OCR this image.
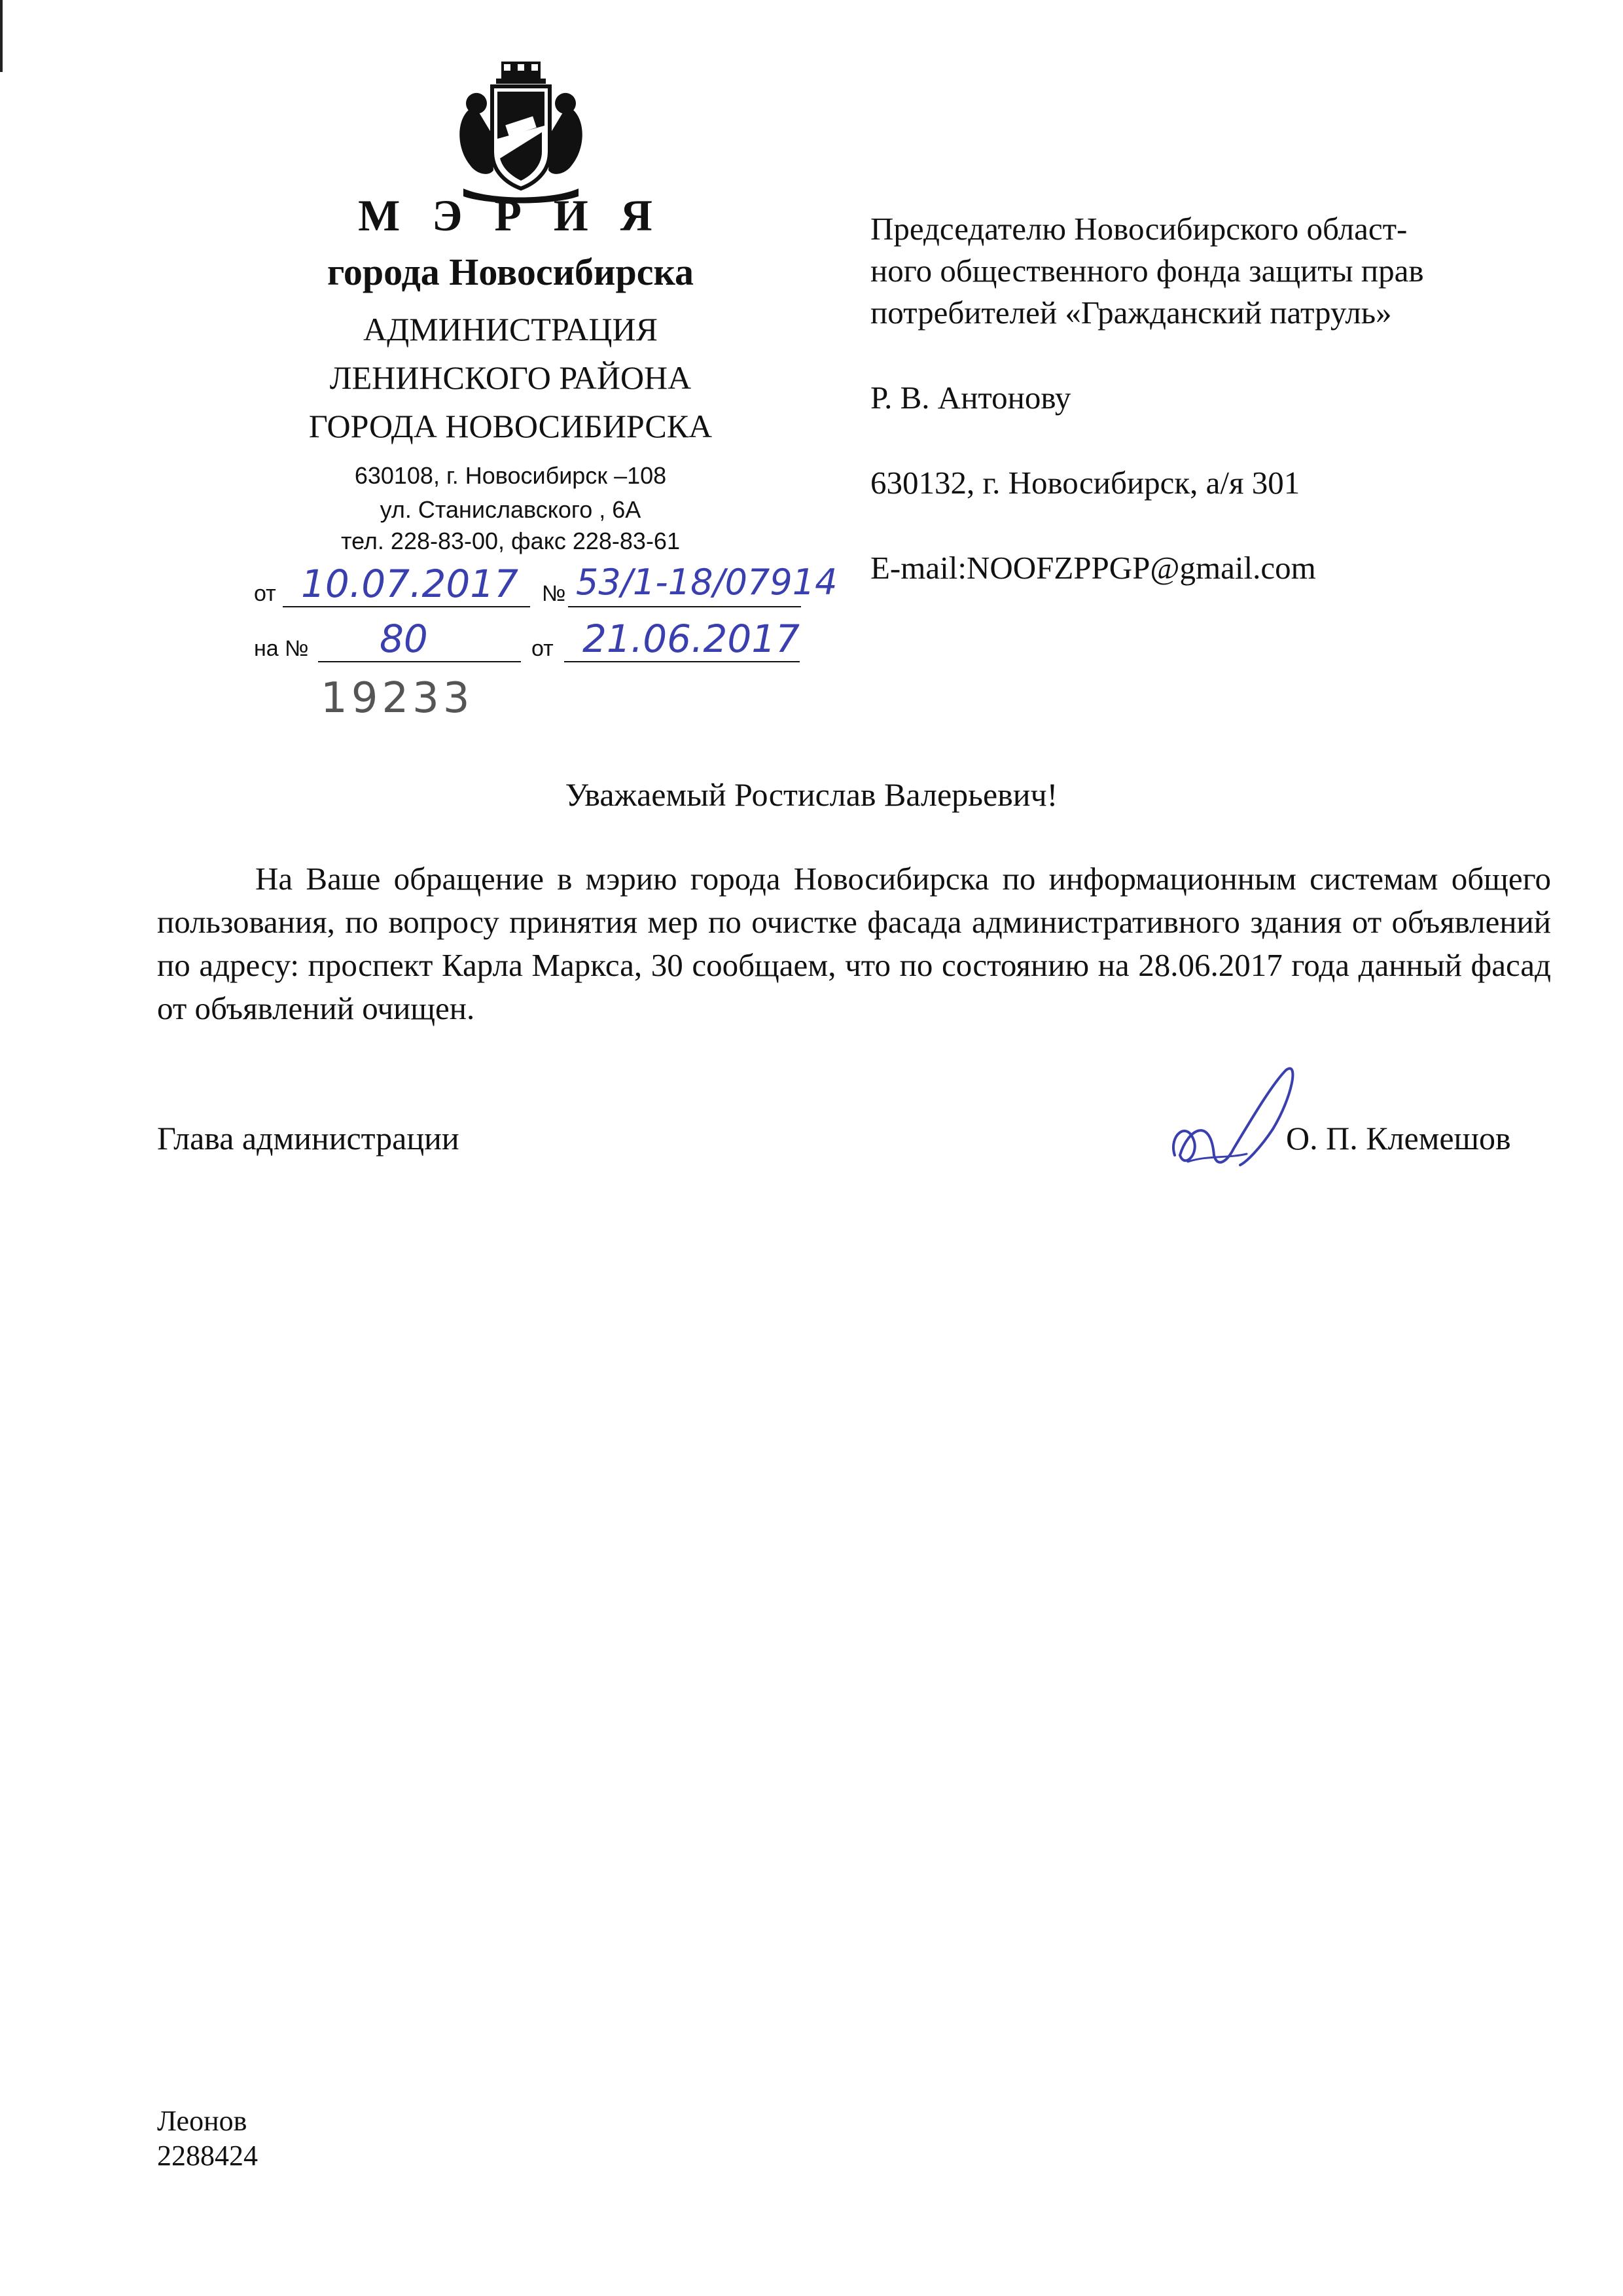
М Э Р И Я
города Новосибирска
АДМИНИСТРАЦИЯ
ЛЕНИНСКОГО РАЙОНА
ГОРОДА НОВОСИБИРСКА
630108, г. Новосибирск –108
ул. Станиславского , 6А
тел. 228-83-00, факс 228-83-61
от 10.07.2017 № 53/1-18/07914
на № 80	от 21.06.2017
19233

Председателю Новосибирского област-

ного общественного фонда защиты прав

потребителей «Гражданский патруль»

Р. В. Антонову

630132, г. Новосибирск, а/я 301

E-mail:NOOFZPPGP@gmail.com

Уважаемый Ростислав Валерьевич!

На Ваше обращение в мэрию города Новосибирска по информационным системам общего пользования, по вопросу принятия мер по очистке фасада административного здания от объявлений по адресу: проспект Карла Маркса, 30 сообщаем, что по состоянию на 28.06.2017 года данный фасад от объявлений очищен.

Глава администрации	О. П. Клемешов
Леонов
2288424
